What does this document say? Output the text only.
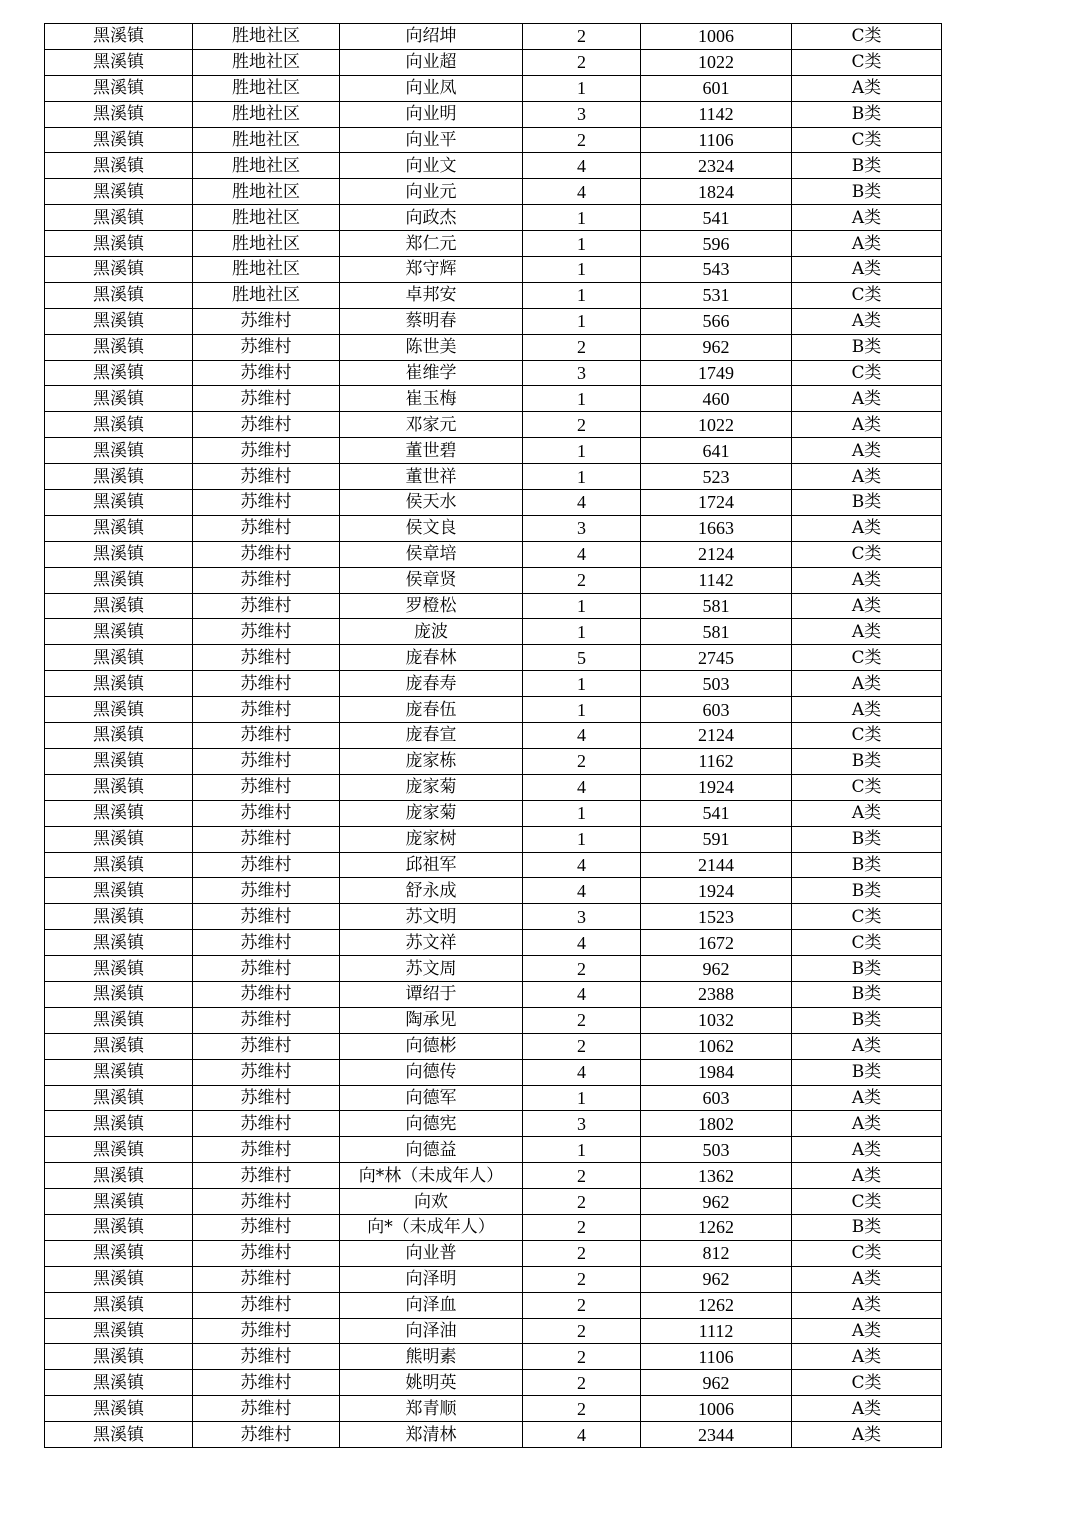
黑溪镇	胜地社区	向绍坤	2	1006	C类
黑溪镇	胜地社区	向业超	2	1022	C类
黑溪镇	胜地社区	向业凤	1	601	A类
黑溪镇	胜地社区	向业明	3	1142	B类
黑溪镇	胜地社区	向业平	2	1106	C类
黑溪镇	胜地社区	向业文	4	2324	B类
黑溪镇	胜地社区	向业元	4	1824	B类
黑溪镇	胜地社区	向政杰	1	541	A类
黑溪镇	胜地社区	郑仁元	1	596	A类
黑溪镇	胜地社区	郑守辉	1	543	A类
黑溪镇	胜地社区	卓邦安	1	531	C类
黑溪镇	苏维村	蔡明春	1	566	A类
黑溪镇	苏维村	陈世美	2	962	B类
黑溪镇	苏维村	崔维学	3	1749	C类
黑溪镇	苏维村	崔玉梅	1	460	A类
黑溪镇	苏维村	邓家元	2	1022	A类
黑溪镇	苏维村	董世碧	1	641	A类
黑溪镇	苏维村	董世祥	1	523	A类
黑溪镇	苏维村	侯天水	4	1724	B类
黑溪镇	苏维村	侯文良	3	1663	A类
黑溪镇	苏维村	侯章培	4	2124	C类
黑溪镇	苏维村	侯章贤	2	1142	A类
黑溪镇	苏维村	罗橙松	1	581	A类
黑溪镇	苏维村	庞波	1	581	A类
黑溪镇	苏维村	庞春林	5	2745	C类
黑溪镇	苏维村	庞春寿	1	503	A类
黑溪镇	苏维村	庞春伍	1	603	A类
黑溪镇	苏维村	庞春宣	4	2124	C类
黑溪镇	苏维村	庞家栋	2	1162	B类
黑溪镇	苏维村	庞家菊	4	1924	C类
黑溪镇	苏维村	庞家菊	1	541	A类
黑溪镇	苏维村	庞家树	1	591	B类
黑溪镇	苏维村	邱祖军	4	2144	B类
黑溪镇	苏维村	舒永成	4	1924	B类
黑溪镇	苏维村	苏文明	3	1523	C类
黑溪镇	苏维村	苏文祥	4	1672	C类
黑溪镇	苏维村	苏文周	2	962	B类
黑溪镇	苏维村	谭绍于	4	2388	B类
黑溪镇	苏维村	陶承见	2	1032	B类
黑溪镇	苏维村	向德彬	2	1062	A类
黑溪镇	苏维村	向德传	4	1984	B类
黑溪镇	苏维村	向德军	1	603	A类
黑溪镇	苏维村	向德宪	3	1802	A类
黑溪镇	苏维村	向德益	1	503	A类
黑溪镇	苏维村	向*林（未成年人）	2	1362	A类
黑溪镇	苏维村	向欢	2	962	C类
黑溪镇	苏维村	向*（未成年人）	2	1262	B类
黑溪镇	苏维村	向业普	2	812	C类
黑溪镇	苏维村	向泽明	2	962	A类
黑溪镇	苏维村	向泽血	2	1262	A类
黑溪镇	苏维村	向泽油	2	1112	A类
黑溪镇	苏维村	熊明素	2	1106	A类
黑溪镇	苏维村	姚明英	2	962	C类
黑溪镇	苏维村	郑青顺	2	1006	A类
黑溪镇	苏维村	郑清林	4	2344	A类
